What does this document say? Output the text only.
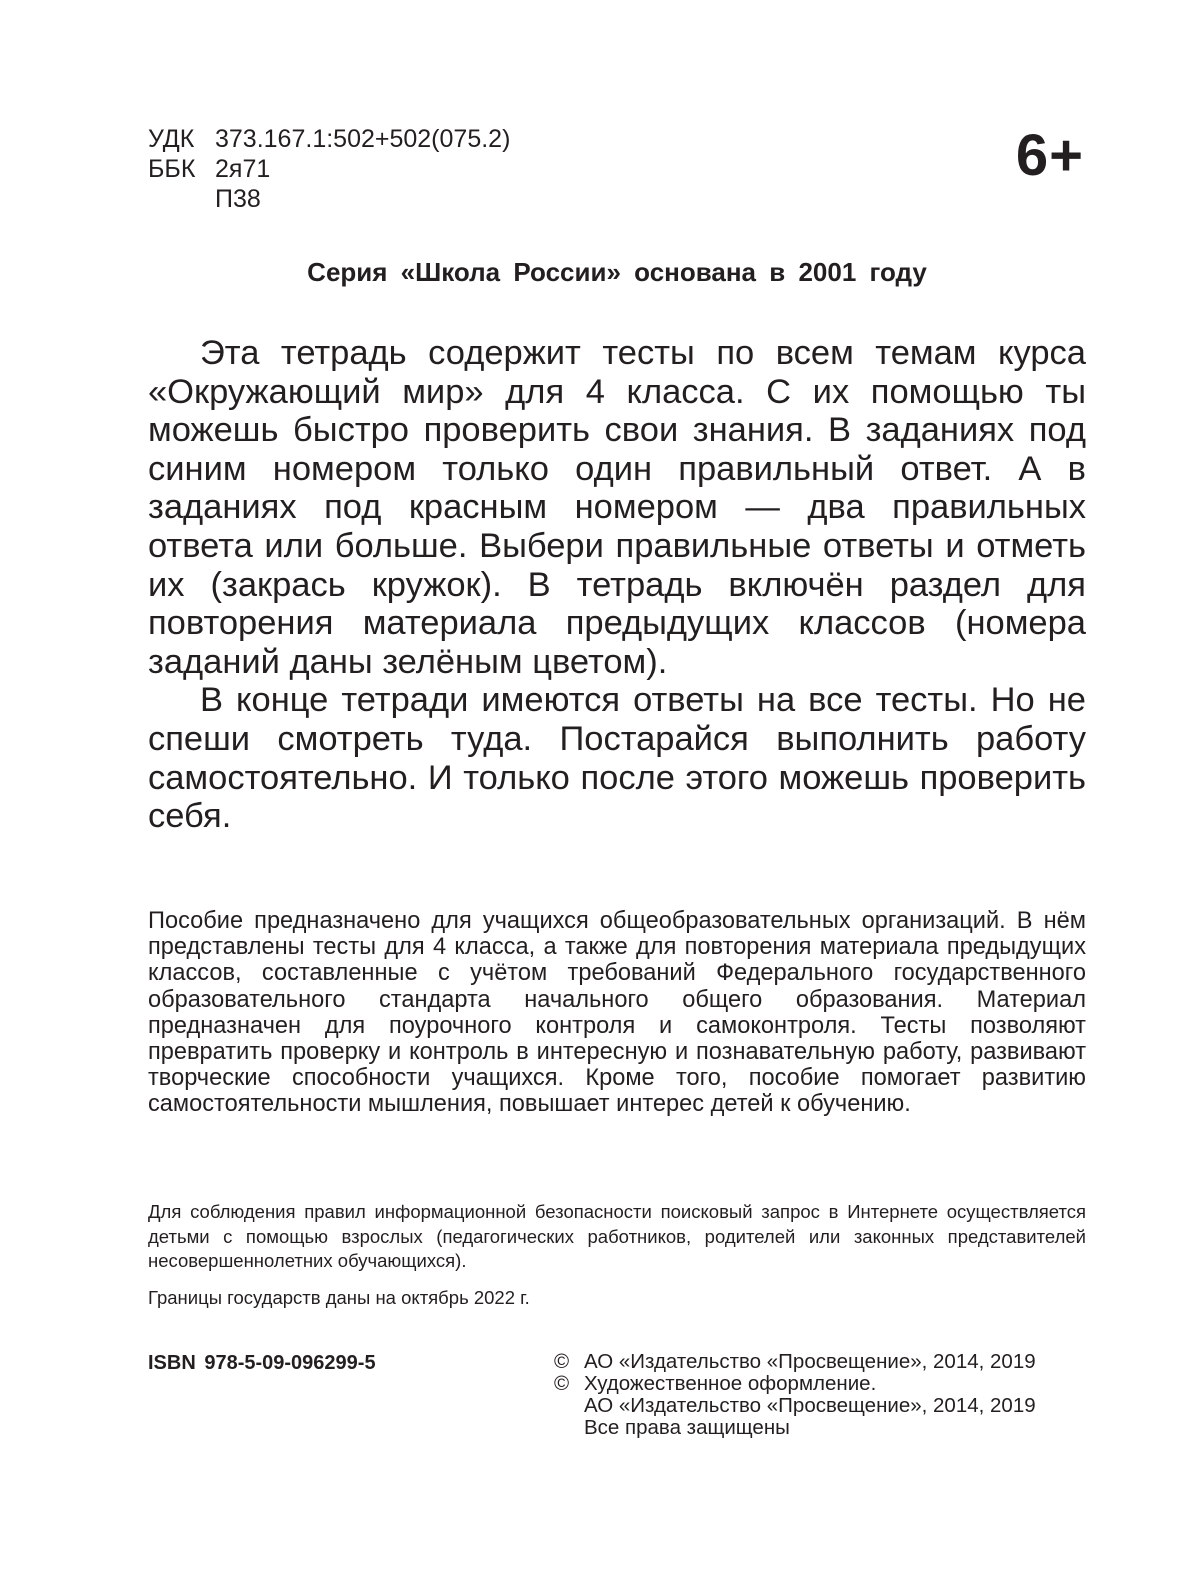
УДК 373.167.1:502+502(075.2)
ББК 2я71
П38
6+
Серия «Школа России» основана в 2001 году

Эта тетрадь содержит тесты по всем темам курса «Окружающий мир» для 4 класса. С их помощью ты можешь быстро проверить свои знания. В заданиях под синим номером только один правильный ответ. А в заданиях под красным номером — два правильных ответа или больше. Выбери правильные ответы и отметь их (закрась кружок). В тетрадь включён раздел для повторения материала предыдущих классов (номера заданий даны зелёным цветом).

В конце тетради имеются ответы на все тесты. Но не спеши смотреть туда. Постарайся выполнить работу самостоятельно. И только после этого можешь проверить себя.

Пособие предназначено для учащихся общеобразовательных организаций. В нём представлены тесты для 4 класса, а также для повторения материала предыдущих классов, составленные с учётом требований Федерального государственного образовательного стандарта начального общего образования. Материал предназначен для поурочного контроля и самоконтроля. Тесты позволяют превратить проверку и контроль в интересную и познавательную работу, развивают творческие способности учащихся. Кроме того, пособие помогает развитию самостоятельности мышления, повышает интерес детей к обучению.

Для соблюдения правил информационной безопасности поисковый запрос в Интернете осуществляется детьми с помощью взрослых (педагогических работников, родителей или законных представителей несовершеннолетних обучающихся).

Границы государств даны на октябрь 2022 г.
ISBN 978-5-09-096299-5	© АО «Издательство «Просвещение», 2014, 2019
© Художественное оформление.
АО «Издательство «Просвещение», 2014, 2019
Все права защищены
